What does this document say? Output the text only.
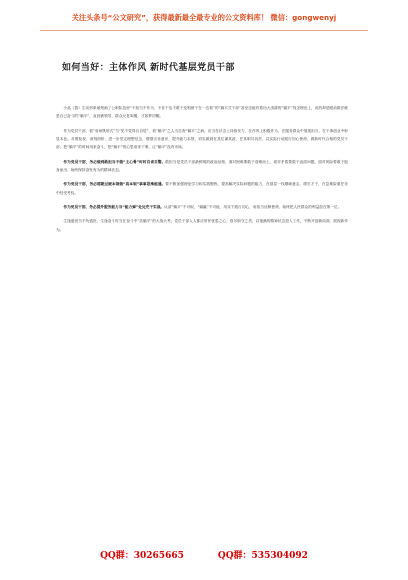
关注头条号“公文研究”，获得最新最全最专业的公文资料库！ 微信：gongwenyj
如何当好：主体作风 新时代基层党员干部

小品《我》生动形象地刻画了公职队伍里“不担当不作为、不肯干也不敢干变相被干在一边看”的“躺平式干部”甚至还能有着伪大浅薄的“躺平”找怎理论上，说的却是眼前做法就是自己奋斗的“躺平”，直到被领导、群众反复叫醒，才如梦初醒。

作为党员干部，看“省场既形式”当“见不觉得自自觉”，看“躺平”之人当自查“躺平”之病。应当在状态上持续发力、在作风上积极作为，在服务群众中展现担当，在干事创业中彰显本色。对照检视、深刻剖析，进一步坚定理想信念，增强宗旨意识，提升能力本领，切实做到在其位谋其政、任其职尽其责，以实际行动践行初心使命，做新时代合格的党员干部，把“躺平”的时间用来奋斗，把“躺平”的心思用来干事，让“躺平”没有市场。

作为党员干部，务必做到敢担当不做“主心骨”时时自省自警。敢担当是党员干部最鲜明的政治品格，面对困难要敢于迎难而上，面对矛盾要敢于直面问题，面对风险要敢于挺身而出，始终保持奋发有为的精神状态。

作为党员干部，务必练就过硬本领做“真本领”事事思维能通。要不断加强理论学习和实践锻炼，提高解决实际问题的能力，在基层一线磨砺意志、增长才干，在急难险重任务中经受考验。

作为党员干部，务必提升服务能力当“能力弹”处处充干实战。认清“躺平”不可取，“躺赢”不可能，用实干践行初心，用担当诠释使命，始终把人民群众的利益放在第一位。

生逢盛世当不负盛世，生逢奋斗时当在奋斗中“抗躺平”的大战大考。党员干部人人都应常怀忧患之心、恪尽职守之责，以饱满的精神状态投入工作，不断开创新局面、展现新作为。

QQ群：30265665	QQ群：535304092
